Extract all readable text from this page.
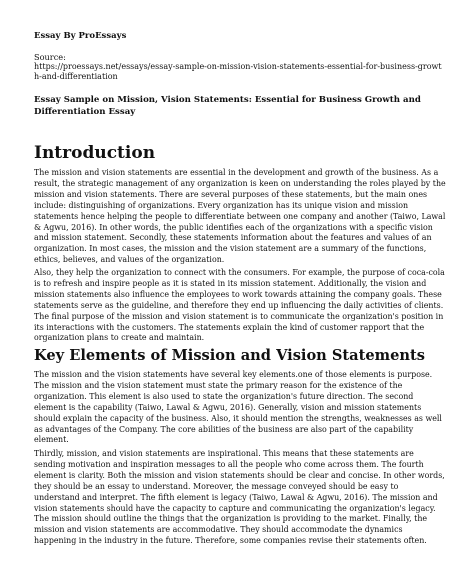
Essay By ProEssays
Source:
https://proessays.net/essays/essay-sample-on-mission-vision-statements-essential-for-business-growth-and-differentiation
Essay Sample on Mission, Vision Statements: Essential for Business Growth and Differentiation Essay
Introduction

The mission and vision statements are essential in the development and growth of the business. As a result, the strategic management of any organization is keen on understanding the roles played by the mission and vision statements. There are several purposes of these statements, but the main ones include: distinguishing of organizations. Every organization has its unique vision and mission statements hence helping the people to differentiate between one company and another (Taiwo, Lawal & Agwu, 2016). In other words, the public identifies each of the organizations with a specific vision and mission statement. Secondly, these statements information about the features and values of an organization. In most cases, the mission and the vision statement are a summary of the functions, ethics, believes, and values of the organization.

Also, they help the organization to connect with the consumers. For example, the purpose of coca-cola is to refresh and inspire people as it is stated in its mission statement. Additionally, the vision and mission statements also influence the employees to work towards attaining the company goals. These statements serve as the guideline, and therefore they end up influencing the daily activities of clients. The final purpose of the mission and vision statement is to communicate the organization's position in its interactions with the customers. The statements explain the kind of customer rapport that the organization plans to create and maintain.

Key Elements of Mission and Vision Statements

The mission and the vision statements have several key elements.one of those elements is purpose. The mission and the vision statement must state the primary reason for the existence of the organization. This element is also used to state the organization's future direction. The second element is the capability (Taiwo, Lawal & Agwu, 2016). Generally, vision and mission statements should explain the capacity of the business. Also, it should mention the strengths, weaknesses as well as advantages of the Company. The core abilities of the business are also part of the capability element.

Thirdly, mission, and vision statements are inspirational. This means that these statements are sending motivation and inspiration messages to all the people who come across them. The fourth element is clarity. Both the mission and vision statements should be clear and concise. In other words, they should be an essay to understand. Moreover, the message conveyed should be easy to understand and interpret. The fifth element is legacy (Taiwo, Lawal & Agwu, 2016). The mission and vision statements should have the capacity to capture and communicating the organization's legacy. The mission should outline the things that the organization is providing to the market. Finally, the mission and vision statements are accommodative. They should accommodate the dynamics happening in the industry in the future. Therefore, some companies revise their statements often.
